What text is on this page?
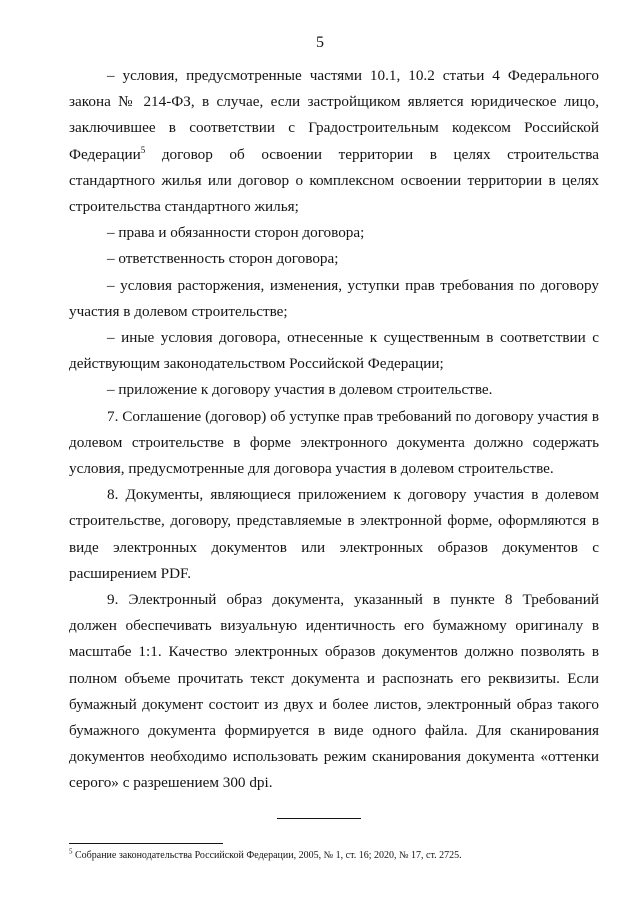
5

– условия, предусмотренные частями 10.1, 10.2 статьи 4 Федерального закона № 214-ФЗ, в случае, если застройщиком является юридическое лицо, заключившее в соответствии с Градостроительным кодексом Российской Федерации$^5$ договор об освоении территории в целях строительства стандартного жилья или договор о комплексном освоении территории в целях строительства стандартного жилья;

– права и обязанности сторон договора;

– ответственность сторон договора;

– условия расторжения, изменения, уступки прав требования по договору участия в долевом строительстве;

– иные условия договора, отнесенные к существенным в соответствии с действующим законодательством Российской Федерации;

– приложение к договору участия в долевом строительстве.

7. Соглашение (договор) об уступке прав требований по договору участия в долевом строительстве в форме электронного документа должно содержать условия, предусмотренные для договора участия в долевом строительстве.

8. Документы, являющиеся приложением к договору участия в долевом строительстве, договору, представляемые в электронной форме, оформляются в виде электронных документов или электронных образов документов с расширением PDF.

9. Электронный образ документа, указанный в пункте 8 Требований должен обеспечивать визуальную идентичность его бумажному оригиналу в масштабе 1:1. Качество электронных образов документов должно позволять в полном объеме прочитать текст документа и распознать его реквизиты. Если бумажный документ состоит из двух и более листов, электронный образ такого бумажного документа формируется в виде одного файла. Для сканирования документов необходимо использовать режим сканирования документа «оттенки серого» с разрешением 300 dpi.

$^5$ Собрание законодательства Российской Федерации, 2005, № 1, ст. 16; 2020, № 17, ст. 2725.
